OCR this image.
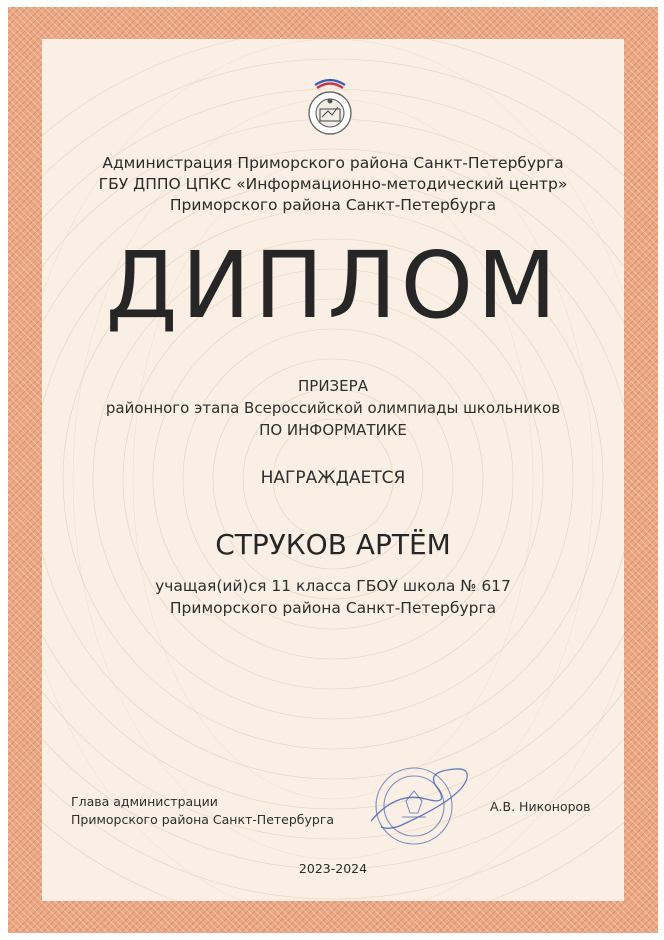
Администрация Приморского района Санкт-Петербурга
ГБУ ДППО ЦПКС «Информационно-методический центр»
Приморского района Санкт-Петербурга
ДИПЛОМ
ПРИЗЕРА
районного этапа Всероссийской олимпиады школьников
ПО ИНФОРМАТИКЕ
НАГРАЖДАЕТСЯ
СТРУКОВ АРТЁМ
учащая(ий)ся 11 класса ГБОУ школа № 617
Приморского района Санкт-Петербурга
Глава администрации
Приморского района Санкт-Петербурга
А.В. Никоноров
2023-2024
